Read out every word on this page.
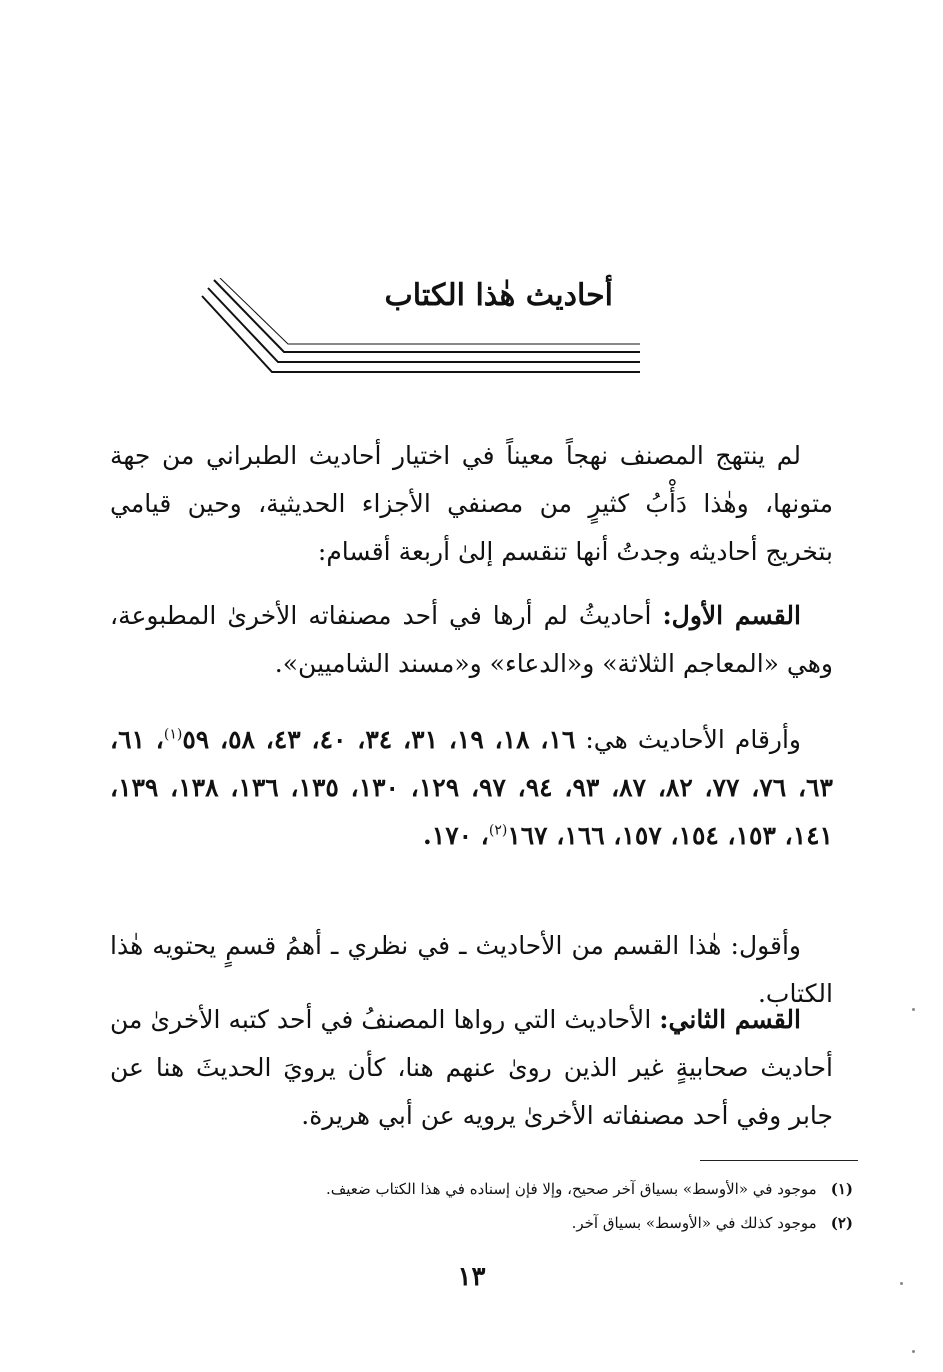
أحاديث هٰذا الكتاب

لم ينتهج المصنف نهجاً معيناً في اختيار أحاديث الطبراني من جهة متونها، وهٰذا دَأْبُ كثيرٍ من مصنفي الأجزاء الحديثية، وحين قيامي بتخريج أحاديثه وجدتُ أنها تنقسم إلىٰ أربعة أقسام:

القسم الأول: أحاديثُ لم أرها في أحد مصنفاته الأخرىٰ المطبوعة، وهي «المعاجم الثلاثة» و«الدعاء» و«مسند الشاميين».

وأرقام الأحاديث هي: ١٦، ١٨، ١٩، ٣١، ٣٤، ٤٠، ٤٣، ٥٨، ٥٩$^{(١)}$، ٦١، ٦٣، ٧٦، ٧٧، ٨٢، ٨٧، ٩٣، ٩٤، ٩٧، ١٢٩، ١٣٠، ١٣٥، ١٣٦، ١٣٨، ١٣٩، ١٤١، ١٥٣، ١٥٤، ١٥٧، ١٦٦، ١٦٧$^{(٢)}$، ١٧٠.

وأقول: هٰذا القسم من الأحاديث ـ في نظري ـ أهمُ قسمٍ يحتويه هٰذا الكتاب.

القسم الثاني: الأحاديث التي رواها المصنفُ في أحد كتبه الأخرىٰ من أحاديث صحابيةٍ غير الذين روىٰ عنهم هنا، كأن يرويَ الحديثَ هنا عن جابر وفي أحد مصنفاته الأخرىٰ يرويه عن أبي هريرة.

(١)موجود في «الأوسط» بسياق آخر صحيح، وإلا فإن إسناده في هذا الكتاب ضعيف.
(٢)موجود كذلك في «الأوسط» بسياق آخر.
١٣
